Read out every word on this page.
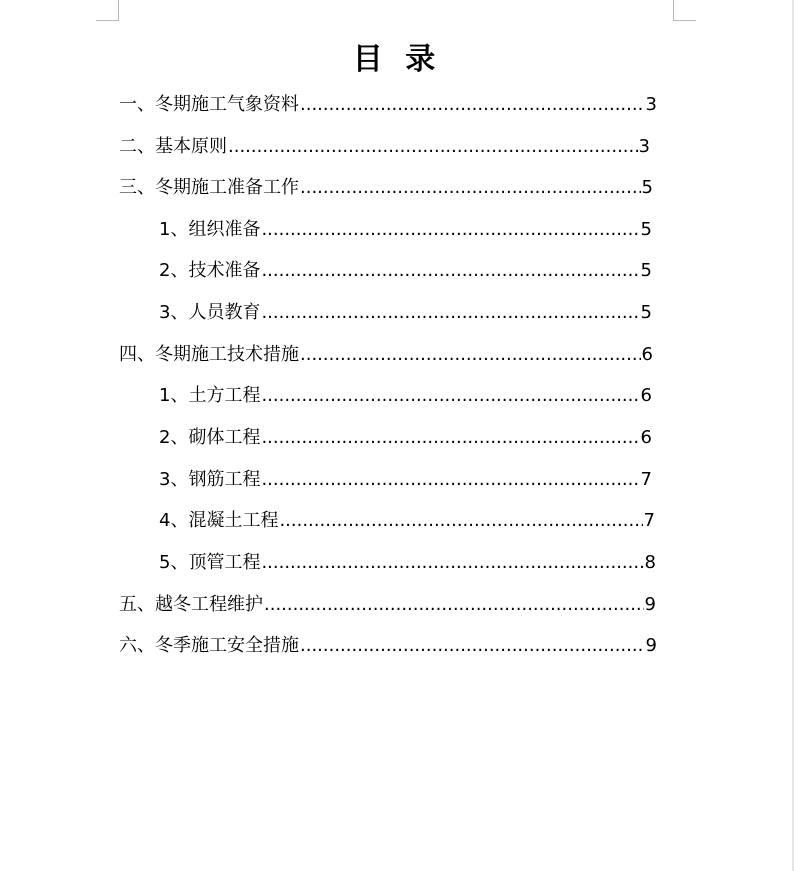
目 录
一、冬期施工气象资料 .....	3
二、基本原则 .....	3
三、冬期施工准备工作 .....	5
1、组织准备 .....	5
2、技术准备 .....	5
3、人员教育 .....	5
四、冬期施工技术措施 .....	6
1、土方工程 .....	6
2、砌体工程 .....	6
3、钢筋工程 .....	7
4、混凝土工程 .....	7
5、顶管工程 .....	8
五、越冬工程维护 .....	9
六、冬季施工安全措施 .....	9
